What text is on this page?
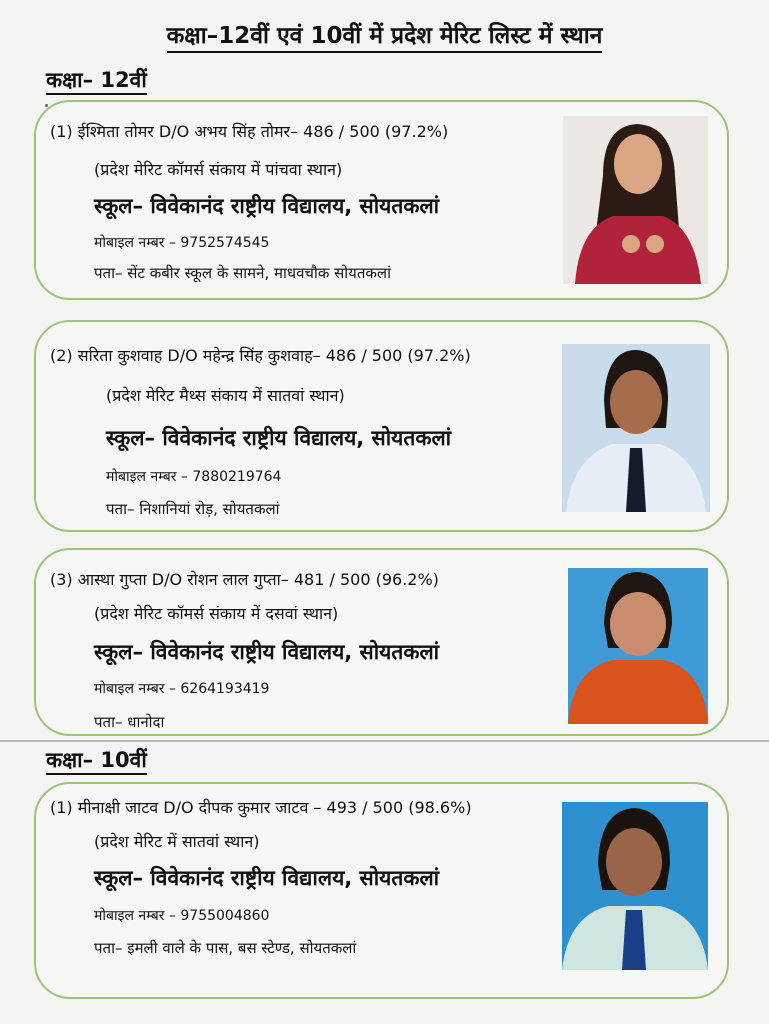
कक्षा–12वीं एवं 10वीं में प्रदेश मेरिट लिस्ट में स्थान
कक्षा– 12वीं
(1) ईश्मिता तोमर D/O अभय सिंह तोमर– 486 / 500 (97.2%)
(प्रदेश मेरिट कॉमर्स संकाय में पांचवा स्थान)
स्कूल– विवेकानंद राष्ट्रीय विद्यालय, सोयतकलां
मोबाइल नम्बर – 9752574545
पता– सेंट कबीर स्कूल के सामने, माधवचौक सोयतकलां
(2) सरिता कुशवाह D/O महेन्द्र सिंह कुशवाह– 486 / 500 (97.2%)
(प्रदेश मेरिट मैथ्स संकाय में सातवां स्थान)
स्कूल– विवेकानंद राष्ट्रीय विद्यालय, सोयतकलां
मोबाइल नम्बर – 7880219764
पता– निशानियां रोड़, सोयतकलां
(3) आस्था गुप्ता D/O रोशन लाल गुप्ता– 481 / 500 (96.2%)
(प्रदेश मेरिट कॉमर्स संकाय में दसवां स्थान)
स्कूल– विवेकानंद राष्ट्रीय विद्यालय, सोयतकलां
मोबाइल नम्बर – 6264193419
पता– धानोदा
कक्षा– 10वीं
(1) मीनाक्षी जाटव D/O दीपक कुमार जाटव – 493 / 500 (98.6%)
(प्रदेश मेरिट में सातवां स्थान)
स्कूल– विवेकानंद राष्ट्रीय विद्यालय, सोयतकलां
मोबाइल नम्बर – 9755004860
पता– इमली वाले के पास, बस स्टेण्ड, सोयतकलां
